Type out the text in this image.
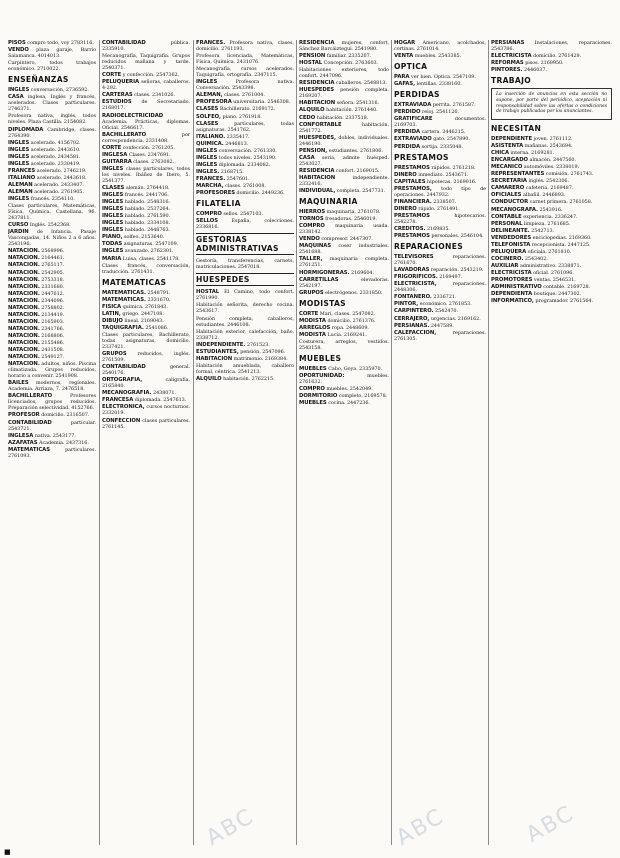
PISOS compro todo, voy 2783116.

VENDO plaza garaje, Barrio Salamanca. 4014013.

Carpintero, todos trabajos económico. 2710022.

ENSEÑANZAS

INGLES conversación, 2736592.

CASA inglesa, Inglés y francés, acelerados. Clases particulares. 2746371.

Profesora nativa, inglés, todos niveles. Plaza Castilla. 2154082.

DIPLOMADA Cambridge, clases. 2764390.

INGLES acelerado. 4156702.

INGLES acelerado. 2443610.

INGLES acelerado. 2434581.

INGLES acelerado. 2330419.

FRANCES acelerado. 2746219.

ITALIANO acelerado. 2443618.

ALEMAN acelerado. 2433407.

ALEMAN acelerado. 2761905.

INGLES francés. 2354110.

Clases particulares, Matemáticas, Física, Química. Castellana, 96. 2437811.

CURSO Inglés. 2542368.

JARDIN de Infancia. Pasaje Vascongadas, 14. Niños 2 a 6 años. 2543196.

NATACION. 2568996.

NATACION. 2164461.

NATACION. 2765117.

NATACION. 2542905.

NATACION. 2753318.

NATACION. 2331680.

NATACION. 2447612.

NATACION. 2344096.

NATACION. 2758802.

NATACION. 2134419.

NATACION. 2165903.

NATACION. 2341766.

NATACION. 2168806.

NATACION. 2155486.

NATACION. 2431508.

NATACION. 2549127.

NATACION. adultos, niños. Piscina climatizada. Grupos reducidos, horario a convenir. 2541908.

BAILES modernos, regionales. Academia. Arriaza, 7. 2476518.

BACHILLERATO	Profesores licenciados, grupos reducidos. Preparación selectividad. 4152766.

PROFESOR domicilio. 2316507.

CONTABILIDAD	particular. 2543721.

INGLESA nativa. 2543177.

AZAFATAS Academia. 2437316.

MATEMATICAS	particulares. 2761093.

CONTABILIDAD	pública. 2335910.

Mecanografía, Taquigrafía. Grupos reducidos mañana y tarde. 2540371.

CORTE y confección. 2547362.

PELUQUERIA señoras, caballeros. 4-292.

CARTERAS clases. 2341026.

ESTUDIOS de Secretariado. 2168017.

RADIOELECTRICIDAD Academia. Prácticas, diplomas. Oficial. 2546617.

BACHILLERATO	por correspondencia. 2331408.

CORTE confección. 2761205.

INGLESA Clases. 2347691.

GUITARRA clases. 2763082.

INGLES clases particulares, todos los niveles. Ibáñez de Ibero, 5. 2541377.

CLASES alemán. 2764418.

INGLES francés. 2441706.

INGLES hablado. 2548316.

INGLES hablado. 2537264.

INGLES hablado. 2761590.

INGLES hablado. 2334108.

INGLES hablado. 2448763.

PIANO, solfeo. 2153640.

TODAS asignaturas. 2547109.

INGLES avanzado. 2762301.

MARIA Luisa, clases. 2541178.

Clases francés, conversación, traducción. 2761431.

MATEMATICAS

MATEMATICAS. 2548791.

MATEMATICAS. 2331670.

FISICA química. 2761843.

LATIN, griego. 2447108.

DIBUJO lineal. 2169043.

TAQUIGRAFIA. 2541086.

Clases particulares, Bachillerato, todas asignaturas, domicilio. 2337421.

GRUPOS reducidos, inglés. 2761509.

CONTABILIDAD	general. 2540176.

ORTOGRAFIA,	caligrafía. 2165840.

MECANOGRAFIA. 2438071.

FRANCESA diplomada. 2547613.

ELECTRONICA, cursos nocturnos. 2332019.

CONFECCION clases particulares. 2761145.

FRANCES. Profesora nativa, clases, domicilio. 2761193.

Profesora licenciada, Matemáticas, Física, Química. 2431076.

Mecanografía, cursos acelerados. Taquigrafía, ortografía. 2347115.

INGLES	Profesora nativa. Conversación. 2543398.

ALEMAN, clases. 2761004.

PROFESORA universitaria. 2546308.

CLASES Bachillerato. 2169172.

SOLFEO, piano. 2761918.

CLASES	particulares, todas asignaturas. 2541762.

ITALIANO. 2335417.

QUIMICA. 2446813.

INGLES conversación. 2761330.

INGLES todos niveles. 2543190.

INGLES diplomada. 2334082.

INGLES. 2168715.

FRANCES. 2547601.

MARCHA, clases. 2761008.

PROFESORES domicilio. 2449236.

FILATELIA

COMPRO sellos. 2547103.

SELLOS	España, colecciones. 2336816.

GESTORIAS ADMINISTRATIVAS

Gestoría, transferencias, carnets, matriculaciones. 2547018.

HUESPEDES

HOSTAL El Camino, todo confort. 2761990.

Habitación señorita, derecho cocina. 2543617.

Pensión completa, caballeros, estudiantes. 2446108.

Habitación exterior, calefacción, baño. 2338712.

INDEPENDIENTE. 2761523.

ESTUDIANTES, pensión. 2547096.

HABITACION matrimonio. 2169384.

Habitación amueblada, caballero formal, céntrica. 2541213.

ALQUILO habitación. 2762215.

RESIDENCIA mujeres, confort, Sánchez Barcáiztegui. 2541980.

PENSION familiar. 2335207.

HOSTAL Concepción. 2763603.

Habitaciones exteriores, todo confort. 2447096.

RESIDENCIA caballeros. 2548813.

HUESPEDES pensión completa. 2169207.

HABITACION señora. 2541316.

ALQUILO habitación. 2761440.

CEDO habitación. 2337518.

CONFORTABLE	habitación. 2541772.

HUESPEDES, dobles, individuales. 2446190.

PENSION, estudiantes. 2761806.

CASA seria, admite huésped. 2543027.

RESIDENCIA confort. 2169015.

HABITACION	independiente. 2332416.

INDIVIDUAL, completa. 2547731.

MAQUINARIA

HIERROS maquinaria. 2761078.

TORNOS fresadoras. 2546019.

COMPRO maquinaria usada. 2338142.

VENDO compresor. 2447307.

MAQUINAS coser industriales. 2541688.

TALLER, maquinaria completa. 2761251.

HORMIGONERAS. 2169604.

CARRETILLAS	elevadoras. 2542197.

GRUPOS electrógenos. 2331850.

MODISTAS

CORTE Mari, clases. 2547082.

MODISTA domicilio. 2761376.

ARREGLOS ropa. 2448609.

MODISTA Lucía. 2169241.

Costurera, arreglos, vestidos. 2543158.

MUEBLES

MUEBLES Cabo, Goya. 2335970.

OPORTUNIDAD:	muebles. 2761632.

COMPRO muebles. 2542049.

DORMITORIO completo. 2169578.

MUEBLES cocina. 2447236.

HOGAR Americano, acolchados, cortinas. 2761014.

VENTA muebles. 2543385.

OPTICA

PARA ver bien. Optica. 2547109.

GAFAS, lentillas. 2338160.

PERDIDAS

EXTRAVIADA perrita. 2761587.

PERDIDO reloj. 2541126.

GRATIFICARE	documentos. 2169703.

PERDIDA cartera. 2446215.

EXTRAVIADO gato. 2547890.

PERDIDA sortija. 2335048.

PRESTAMOS

PRESTAMOS rápidos. 2761218.

DINERO inmediato. 2543671.

CAPITALES hipotecas. 2169016.

PRESTAMOS, todo tipo de operaciones. 2447932.

FINANCIERA. 2338507.

DINERO rápido. 2761491.

PRESTAMOS	hipotecarios. 2542278.

CREDITOS. 2169835.

PRESTAMOS personales. 2546104.

REPARACIONES

TELEVISORES	reparaciones. 2761670.

LAVADORAS reparación. 2543219.

FRIGORIFICOS. 2169497.

ELECTRICISTA,	reparaciones. 2448306.

FONTANERO. 2336721.

PINTOR, económico. 2761853.

CARPINTERO. 2542470.

CERRAJERO, urgencias. 2169162.

PERSIANAS. 2447589.

CALEFACCION,	reparaciones. 2761305.

PERSIANAS Instalaciones, reparaciones. 2543786.

ELECTRICISTA domicilio. 2761429.

REFORMAS pisos. 2169950.

PINTORES. 2446037.

TRABAJO

La inserción de anuncios en esta sección no supone, por parte del periódico, aceptación ni responsabilidad sobre las ofertas o condiciones de trabajo publicadas por los anunciantes.

NECESITAN

DEPENDIENTE joven. 2761112.

ASISTENTA mañanas. 2543694.

CHICA interna. 2169281.

ENCARGADO almacén. 2447560.

MECANICO automóviles. 2338019.

REPRESENTANTES comisión. 2761743.

SECRETARIA inglés. 2542306.

CAMARERO cafetería. 2169487.

OFICIALES albañil. 2446893.

CONDUCTOR carnet primera. 2761058.

MECANOGRAFA. 2543916.

CONTABLE experiencia. 2336247.

PERSONAL limpieza. 2761685.

DELINEANTE. 2542713.

VENDEDORES enciclopedias. 2169360.

TELEFONISTA recepcionista. 2447125.

PELUQUERA oficiala. 2761810.

COCINERO. 2543402.

AUXILIAR administrativo. 2338871.

ELECTRICISTA oficial. 2761096.

PROMOTORES ventas. 2546531.

ADMINISTRATIVO contable. 2169728.

DEPENDIENTA boutique. 2447302.

INFORMATICO, programador. 2761564.

ABC	ABC	ABC
■
